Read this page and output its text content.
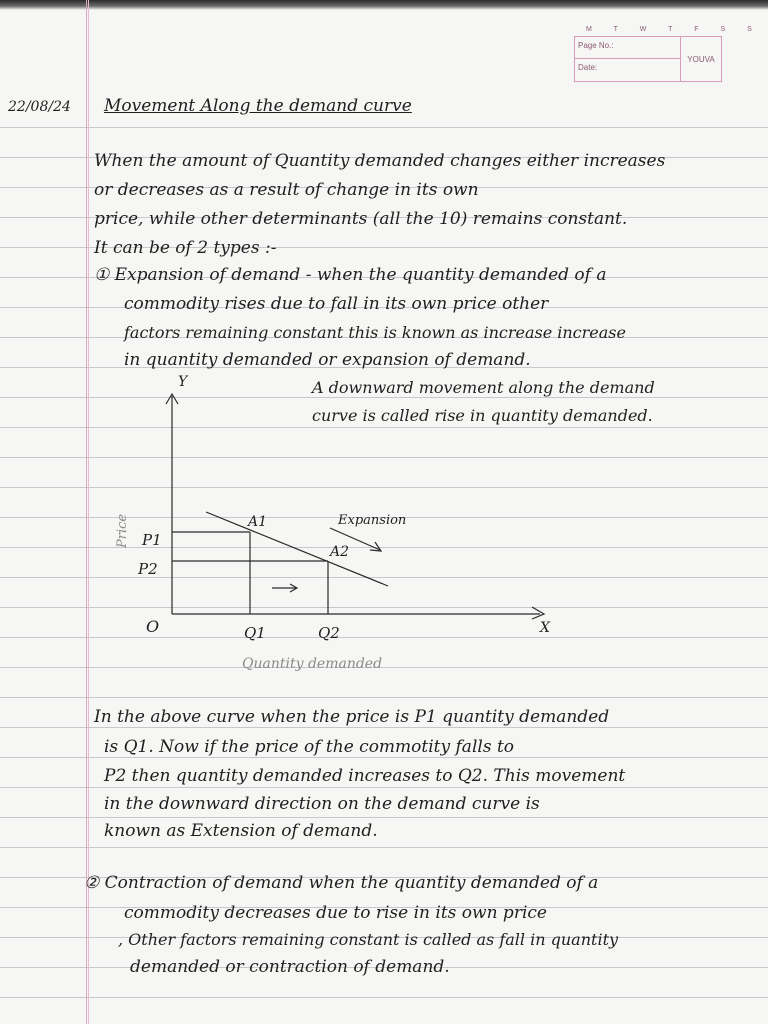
M T W T F S S
Page No.:
Date:
YOUVA
22/08/24 Movement Along the demand curve
When the amount of Quantity demanded changes either increases
or decreases as a result of change in its own
price, while other determinants (all the 10) remains constant.
It can be of 2 types :-
① Expansion of demand - when the quantity demanded of a
commodity rises due to fall in its own price other
factors remaining constant this is known as increase increase
in quantity demanded or expansion of demand.
A downward movement along the demand
curve is called rise in quantity demanded.
Y
X
O
P1
P2
Q1	Q2
A1
A2
Expansion
Price
Quantity demanded
In the above curve when the price is P1 quantity demanded
is Q1. Now if the price of the commotity falls to
P2 then quantity demanded increases to Q2. This movement
in the downward direction on the demand curve is
known as Extension of demand.
② Contraction of demand when the quantity demanded of a
commodity decreases due to rise in its own price
, Other factors remaining constant is called as fall in quantity
demanded or contraction of demand.
